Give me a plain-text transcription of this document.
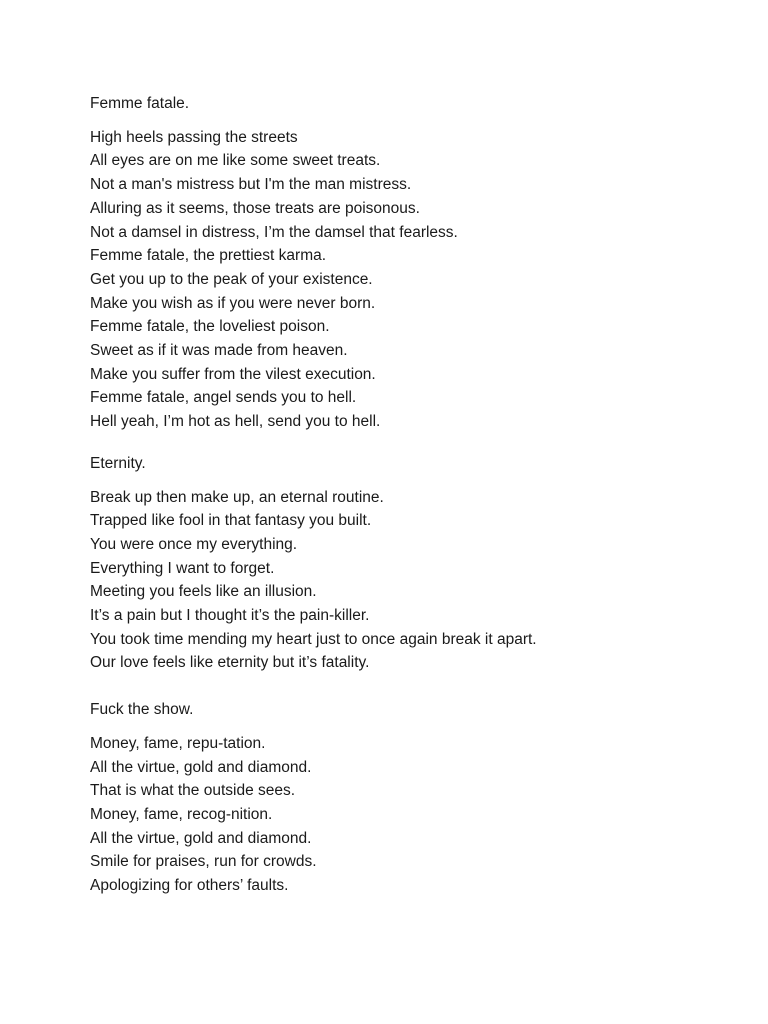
Femme fatale.
High heels passing the streets
All eyes are on me like some sweet treats.
Not a man's mistress but I'm the man mistress.
Alluring as it seems, those treats are poisonous.
Not a damsel in distress, I’m the damsel that fearless.
Femme fatale, the prettiest karma.
Get you up to the peak of your existence.
Make you wish as if you were never born.
Femme fatale, the loveliest poison.
Sweet as if it was made from heaven.
Make you suffer from the vilest execution.
Femme fatale, angel sends you to hell.
Hell yeah, I’m hot as hell, send you to hell.
Eternity.
Break up then make up, an eternal routine.
Trapped like fool in that fantasy you built.
You were once my everything.
Everything I want to forget.
Meeting you feels like an illusion.
It’s a pain but I thought it’s the pain-killer.
You took time mending my heart just to once again break it apart.
Our love feels like eternity but it’s fatality.
Fuck the show.
Money, fame, repu-tation.
All the virtue, gold and diamond.
That is what the outside sees.
Money, fame, recog-nition.
All the virtue, gold and diamond.
Smile for praises, run for crowds.
Apologizing for others’ faults.
